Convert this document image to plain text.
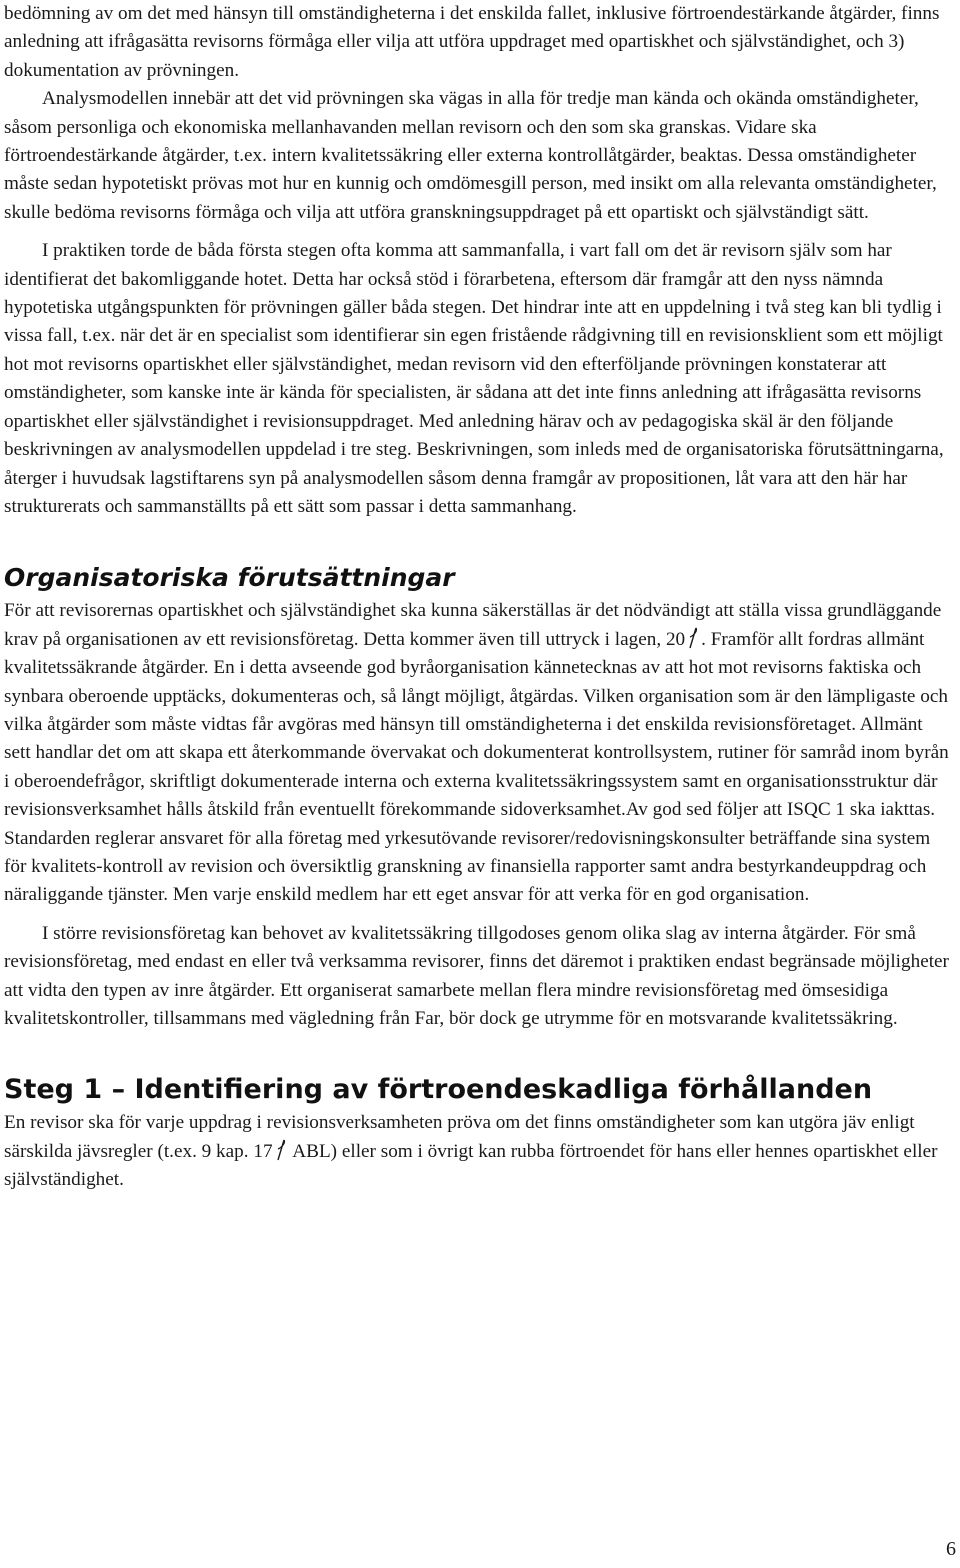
bedömning av om det med hänsyn till omständigheterna i det enskilda fallet, inklusive förtroendestärkande åtgärder, finns anledning att ifrågasätta revisorns förmåga eller vilja att utföra uppdraget med opartiskhet och självständighet, och 3) dokumentation av prövningen.

Analysmodellen innebär att det vid prövningen ska vägas in alla för tredje man kända och okända omständigheter, såsom personliga och ekonomiska mellanhavanden mellan revisorn och den som ska granskas. Vidare ska förtroendestärkande åtgärder, t.ex. intern kvalitetssäkring eller externa kontrollåtgärder, beaktas. Dessa omständigheter måste sedan hypotetiskt prövas mot hur en kunnig och omdömesgill person, med insikt om alla relevanta omständigheter, skulle bedöma revisorns förmåga och vilja att utföra granskningsuppdraget på ett opartiskt och självständigt sätt.

I praktiken torde de båda första stegen ofta komma att sammanfalla, i vart fall om det är revisorn själv som har identifierat det bakomliggande hotet. Detta har också stöd i förarbetena, eftersom där framgår att den nyss nämnda hypotetiska utgångspunkten för prövningen gäller båda stegen. Det hindrar inte att en uppdelning i två steg kan bli tydlig i vissa fall, t.ex. när det är en specialist som identifierar sin egen fristående rådgivning till en revisionsklient som ett möjligt hot mot revisorns opartiskhet eller självständighet, medan revisorn vid den efterföljande prövningen konstaterar att omständigheter, som kanske inte är kända för specialisten, är sådana att det inte finns anledning att ifrågasätta revisorns opartiskhet eller självständighet i revisionsuppdraget. Med anledning härav och av pedagogiska skäl är den följande beskrivningen av analysmodellen uppdelad i tre steg. Beskrivningen, som inleds med de organisatoriska förutsättningarna, återger i huvudsak lagstiftarens syn på analysmodellen såsom denna framgår av propositionen, låt vara att den här har strukturerats och sammanställts på ett sätt som passar i detta sammanhang.

Organisatoriska förutsättningar

För att revisorernas opartiskhet och självständighet ska kunna säkerställas är det nödvändigt att ställa vissa grundläggande krav på organisationen av ett revisionsföretag. Detta kommer även till uttryck i lagen, 20 . Framför allt fordras allmänt kvalitetssäkrande åtgärder. En i detta avseende god byråorganisation kännetecknas av att hot mot revisorns faktiska och synbara oberoende upptäcks, dokumenteras och, så långt möjligt, åtgärdas. Vilken organisation som är den lämpligaste och vilka åtgärder som måste vidtas får avgöras med hänsyn till omständigheterna i det enskilda revisionsföretaget. Allmänt sett handlar det om att skapa ett återkommande övervakat och dokumenterat kontrollsystem, rutiner för samråd inom byrån i oberoendefrågor, skriftligt dokumenterade interna och externa kvalitetssäkringssystem samt en organisationsstruktur där revisionsverksamhet hålls åtskild från eventuellt förekommande sidoverksamhet.Av god sed följer att ISQC 1 ska iakttas. Standarden reglerar ansvaret för alla företag med yrkesutövande revisorer/redovisningskonsulter beträffande sina system för kvalitets-kontroll av revision och översiktlig granskning av finansiella rapporter samt andra bestyrkandeuppdrag och näraliggande tjänster. Men varje enskild medlem har ett eget ansvar för att verka för en god organisation.

I större revisionsföretag kan behovet av kvalitetssäkring tillgodoses genom olika slag av interna åtgärder. För små revisionsföretag, med endast en eller två verksamma revisorer, finns det däremot i praktiken endast begränsade möjligheter att vidta den typen av inre åtgärder. Ett organiserat samarbete mellan flera mindre revisionsföretag med ömsesidiga kvalitetskontroller, tillsammans med vägledning från Far, bör dock ge utrymme för en motsvarande kvalitetssäkring.

Steg 1 – Identifiering av förtroendeskadliga förhållanden

En revisor ska för varje uppdrag i revisionsverksamheten pröva om det finns omständigheter som kan utgöra jäv enligt särskilda jävsregler (t.ex. 9 kap. 17
ABL) eller som i övrigt kan rubba förtroendet för hans eller hennes opartiskhet eller självständighet.

6
